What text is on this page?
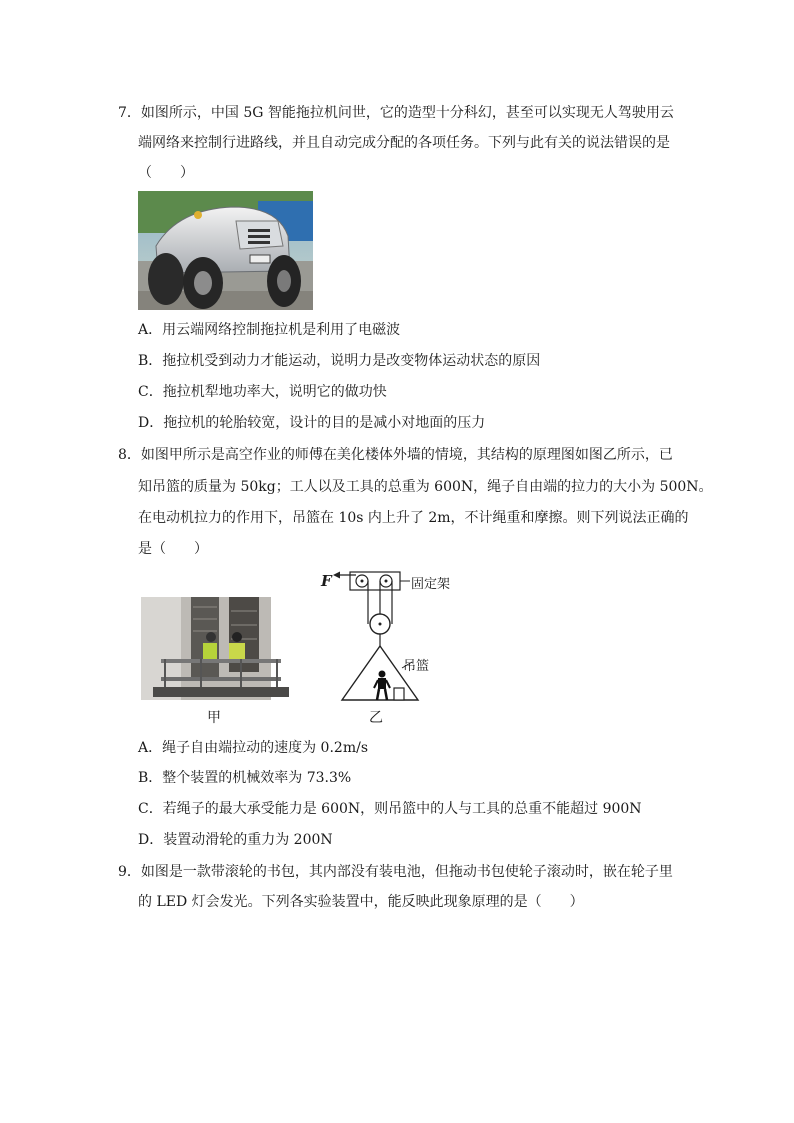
7．如图所示，中国 5G 智能拖拉机问世，它的造型十分科幻，甚至可以实现无人驾驶用云
端网络来控制行进路线，并且自动完成分配的各项任务。下列与此有关的说法错误的是
（　　）
A．用云端网络控制拖拉机是利用了电磁波
B．拖拉机受到动力才能运动，说明力是改变物体运动状态的原因
C．拖拉机犁地功率大，说明它的做功快
D．拖拉机的轮胎较宽，设计的目的是减小对地面的压力
8．如图甲所示是高空作业的师傅在美化楼体外墙的情境，其结构的原理图如图乙所示，已
知吊篮的质量为 50kg；工人以及工具的总重为 600N，绳子自由端的拉力的大小为 500N。
在电动机拉力的作用下，吊篮在 10s 内上升了 2m，不计绳重和摩擦。则下列说法正确的
是（　　）
F	固定架
吊篮
甲	乙
A．绳子自由端拉动的速度为 0.2m/s
B．整个装置的机械效率为 73.3%
C．若绳子的最大承受能力是 600N，则吊篮中的人与工具的总重不能超过 900N
D．装置动滑轮的重力为 200N
9．如图是一款带滚轮的书包，其内部没有装电池，但拖动书包使轮子滚动时，嵌在轮子里
的 LED 灯会发光。下列各实验装置中，能反映此现象原理的是（　　）
